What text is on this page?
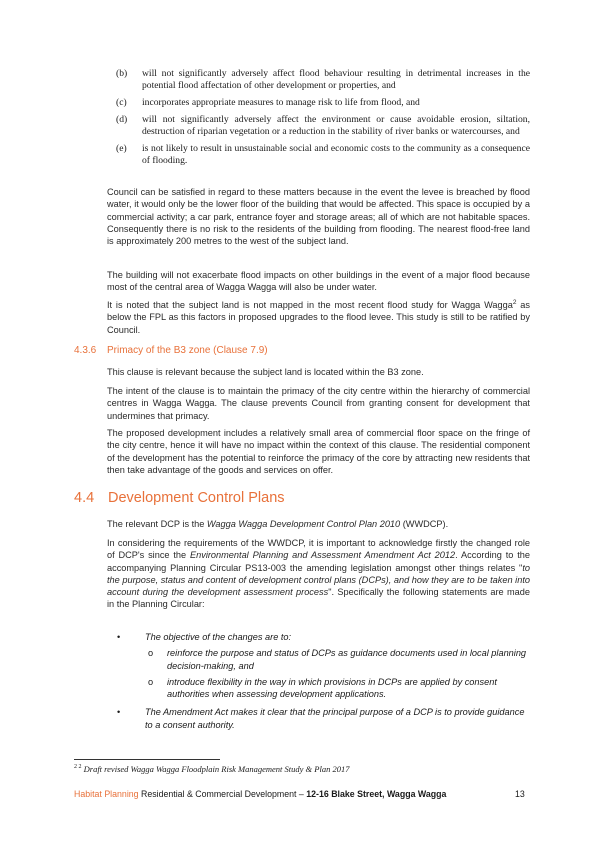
(b) will not significantly adversely affect flood behaviour resulting in detrimental increases in the potential flood affectation of other development or properties, and
(c) incorporates appropriate measures to manage risk to life from flood, and
(d) will not significantly adversely affect the environment or cause avoidable erosion, siltation, destruction of riparian vegetation or a reduction in the stability of river banks or watercourses, and
(e) is not likely to result in unsustainable social and economic costs to the community as a consequence of flooding.

Council can be satisfied in regard to these matters because in the event the levee is breached by flood water, it would only be the lower floor of the building that would be affected. This space is occupied by a commercial activity; a car park, entrance foyer and storage areas; all of which are not habitable spaces. Consequently there is no risk to the residents of the building from flooding. The nearest flood-free land is approximately 200 metres to the west of the subject land.

The building will not exacerbate flood impacts on other buildings in the event of a major flood because most of the central area of Wagga Wagga will also be under water.

It is noted that the subject land is not mapped in the most recent flood study for Wagga Wagga$^2$ as below the FPL as this factors in proposed upgrades to the flood levee. This study is still to be ratified by Council.

4.3.6 Primacy of the B3 zone (Clause 7.9)

This clause is relevant because the subject land is located within the B3 zone.

The intent of the clause is to maintain the primacy of the city centre within the hierarchy of commercial centres in Wagga Wagga. The clause prevents Council from granting consent for development that undermines that primacy.

The proposed development includes a relatively small area of commercial floor space on the fringe of the city centre, hence it will have no impact within the context of this clause. The residential component of the development has the potential to reinforce the primacy of the core by attracting new residents that then take advantage of the goods and services on offer.

4.4 Development Control Plans

The relevant DCP is the Wagga Wagga Development Control Plan 2010 (WWDCP).

In considering the requirements of the WWDCP, it is important to acknowledge firstly the changed role of DCP's since the Environmental Planning and Assessment Amendment Act 2012. According to the accompanying Planning Circular PS13-003 the amending legislation amongst other things relates "to the purpose, status and content of development control plans (DCPs), and how they are to be taken into account during the development assessment process". Specifically the following statements are made in the Planning Circular:

•	The objective of the changes are to:
o reinforce the purpose and status of DCPs as guidance documents used in local planning decision-making, and
o introduce flexibility in the way in which provisions in DCPs are applied by consent authorities when assessing development applications.
•	The Amendment Act makes it clear that the principal purpose of a DCP is to provide guidance to a consent authority.
$^{2 2}$ Draft revised Wagga Wagga Floodplain Risk Management Study & Plan 2017
Habitat Planning Residential & Commercial Development – 12-16 Blake Street, Wagga Wagga	13
